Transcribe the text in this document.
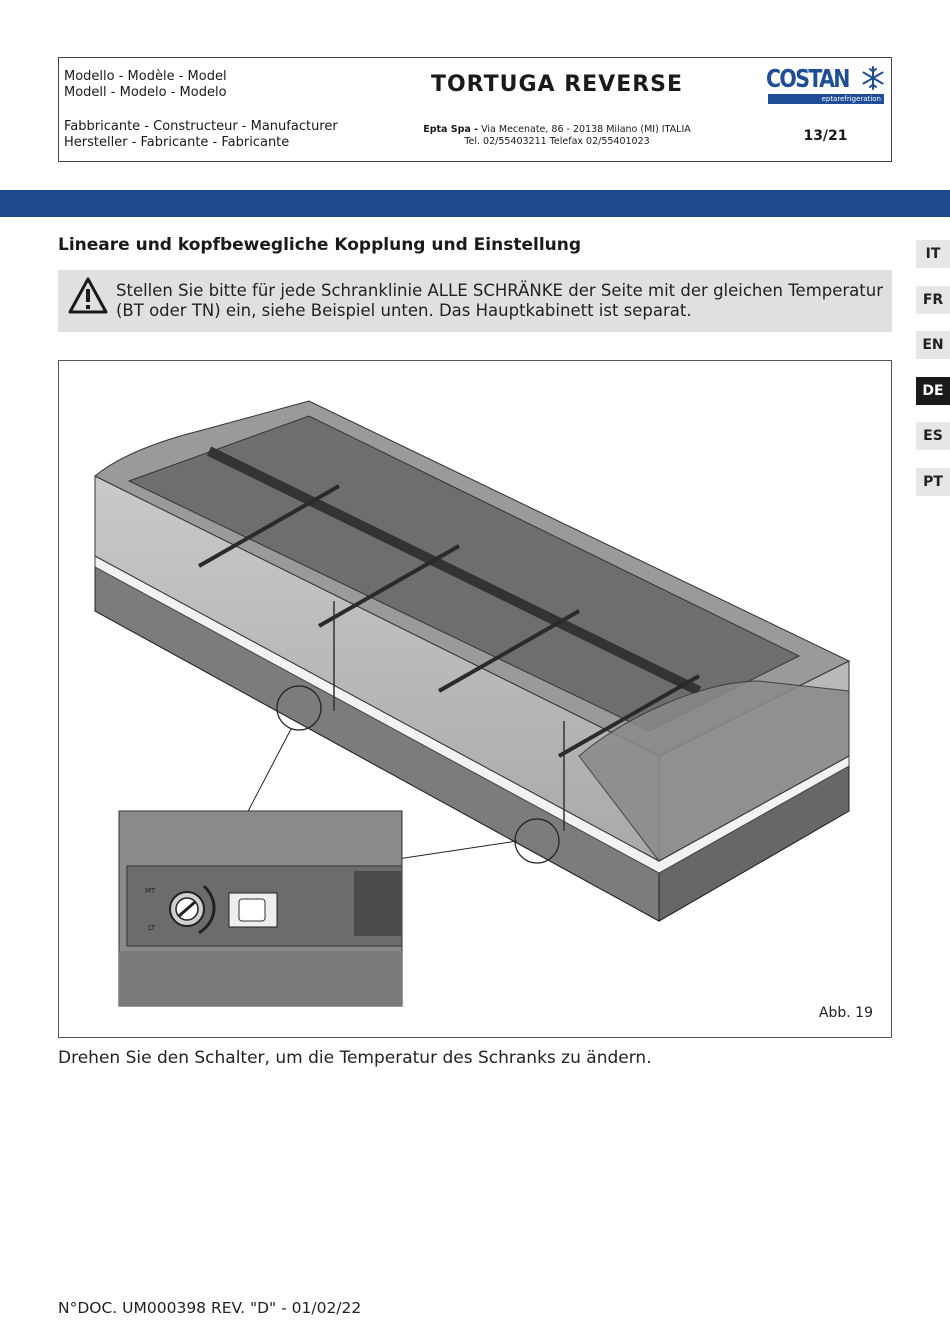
Modello - Modèle - Model
Modell - Modelo - Modelo	TORTUGA REVERSE	COSTAN
eptarefrigeration
Fabbricante - Constructeur - Manufacturer
Hersteller - Fabricante - Fabricante
Epta Spa - Via Mecenate, 86 - 20138 Milano (MI) ITALIA
Tel. 02/55403211 Telefax 02/55401023	13/21
IT
FR
EN
DE
ES
PT
Lineare und kopfbewegliche Kopplung und Einstellung
Stellen Sie bitte für jede Schranklinie ALLE SCHRÄNKE der Seite mit der gleichen Temperatur (BT oder TN) ein, siehe Beispiel unten. Das Hauptkabinett ist separat.
MT
LT
Abb. 19
Drehen Sie den Schalter, um die Temperatur des Schranks zu ändern.
N°DOC. UM000398 REV. "D" - 01/02/22
